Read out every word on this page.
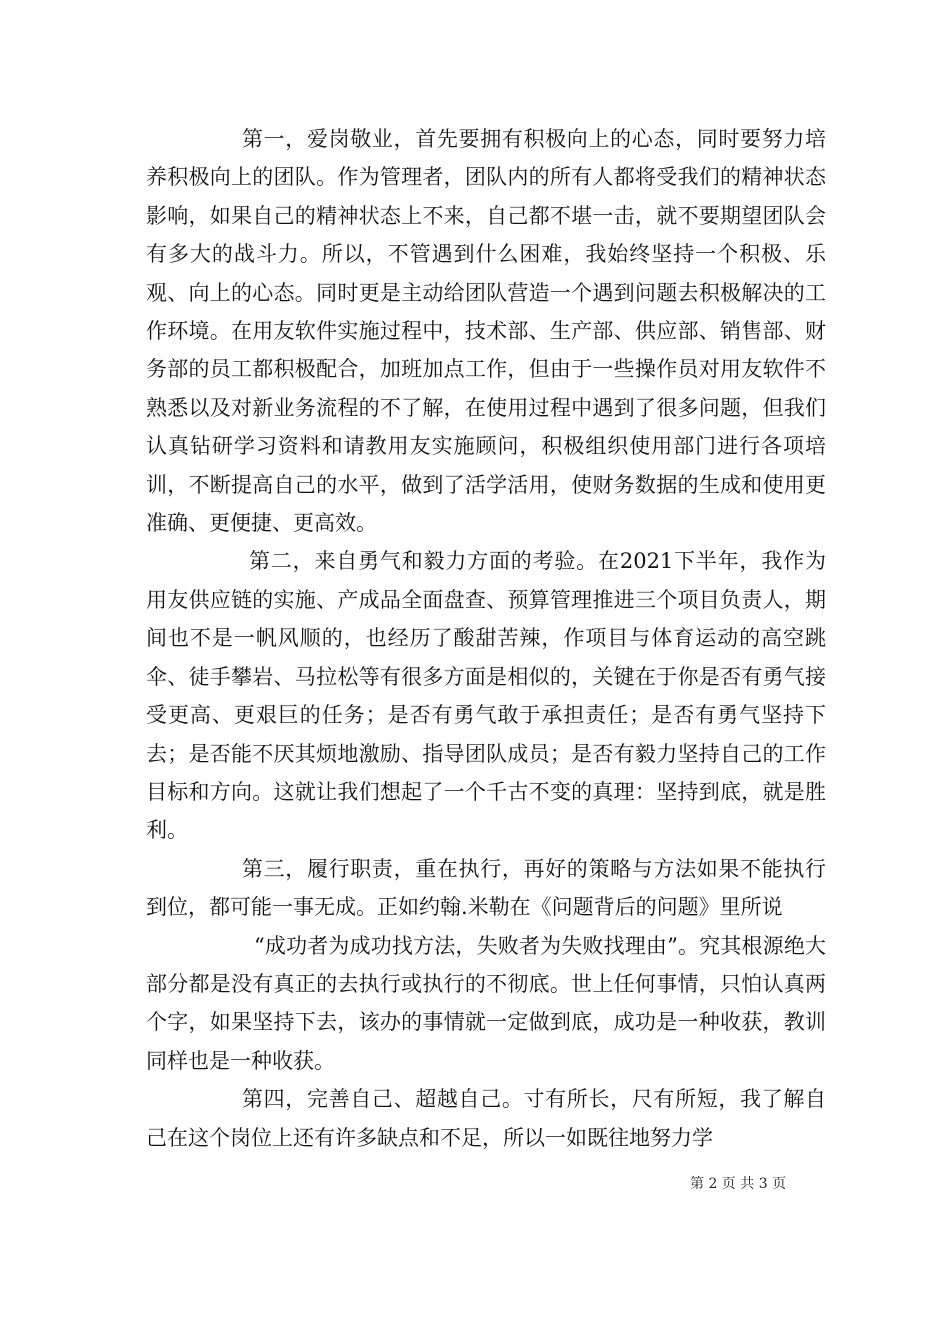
第一，爱岗敬业，首先要拥有积极向上的心态，同时要努力培养积极向上的团队。作为管理者，团队内的所有人都将受我们的精神状态影响，如果自己的精神状态上不来，自己都不堪一击，就不要期望团队会有多大的战斗力。所以，不管遇到什么困难，我始终坚持一个积极、乐观、向上的心态。同时更是主动给团队营造一个遇到问题去积极解决的工作环境。在用友软件实施过程中，技术部、生产部、供应部、销售部、财务部的员工都积极配合，加班加点工作，但由于一些操作员对用友软件不熟悉以及对新业务流程的不了解，在使用过程中遇到了很多问题，但我们认真钻研学习资料和请教用友实施顾问，积极组织使用部门进行各项培训，不断提高自己的水平，做到了活学活用，使财务数据的生成和使用更准确、更便捷、更高效。

第二，来自勇气和毅力方面的考验。在2021下半年，我作为用友供应链的实施、产成品全面盘查、预算管理推进三个项目负责人，期间也不是一帆风顺的，也经历了酸甜苦辣，作项目与体育运动的高空跳伞、徒手攀岩、马拉松等有很多方面是相似的，关键在于你是否有勇气接受更高、更艰巨的任务；是否有勇气敢于承担责任；是否有勇气坚持下去；是否能不厌其烦地激励、指导团队成员；是否有毅力坚持自己的工作目标和方向。这就让我们想起了一个千古不变的真理：坚持到底，就是胜利。

第三，履行职责，重在执行，再好的策略与方法如果不能执行到位，都可能一事无成。正如约翰.米勒在《问题背后的问题》里所说

“成功者为成功找方法，失败者为失败找理由”。究其根源绝大部分都是没有真正的去执行或执行的不彻底。世上任何事情，只怕认真两个字，如果坚持下去，该办的事情就一定做到底，成功是一种收获，教训同样也是一种收获。

第四，完善自己、超越自己。寸有所长，尺有所短，我了解自己在这个岗位上还有许多缺点和不足，所以一如既往地努力学

第 2 页 共 3 页
